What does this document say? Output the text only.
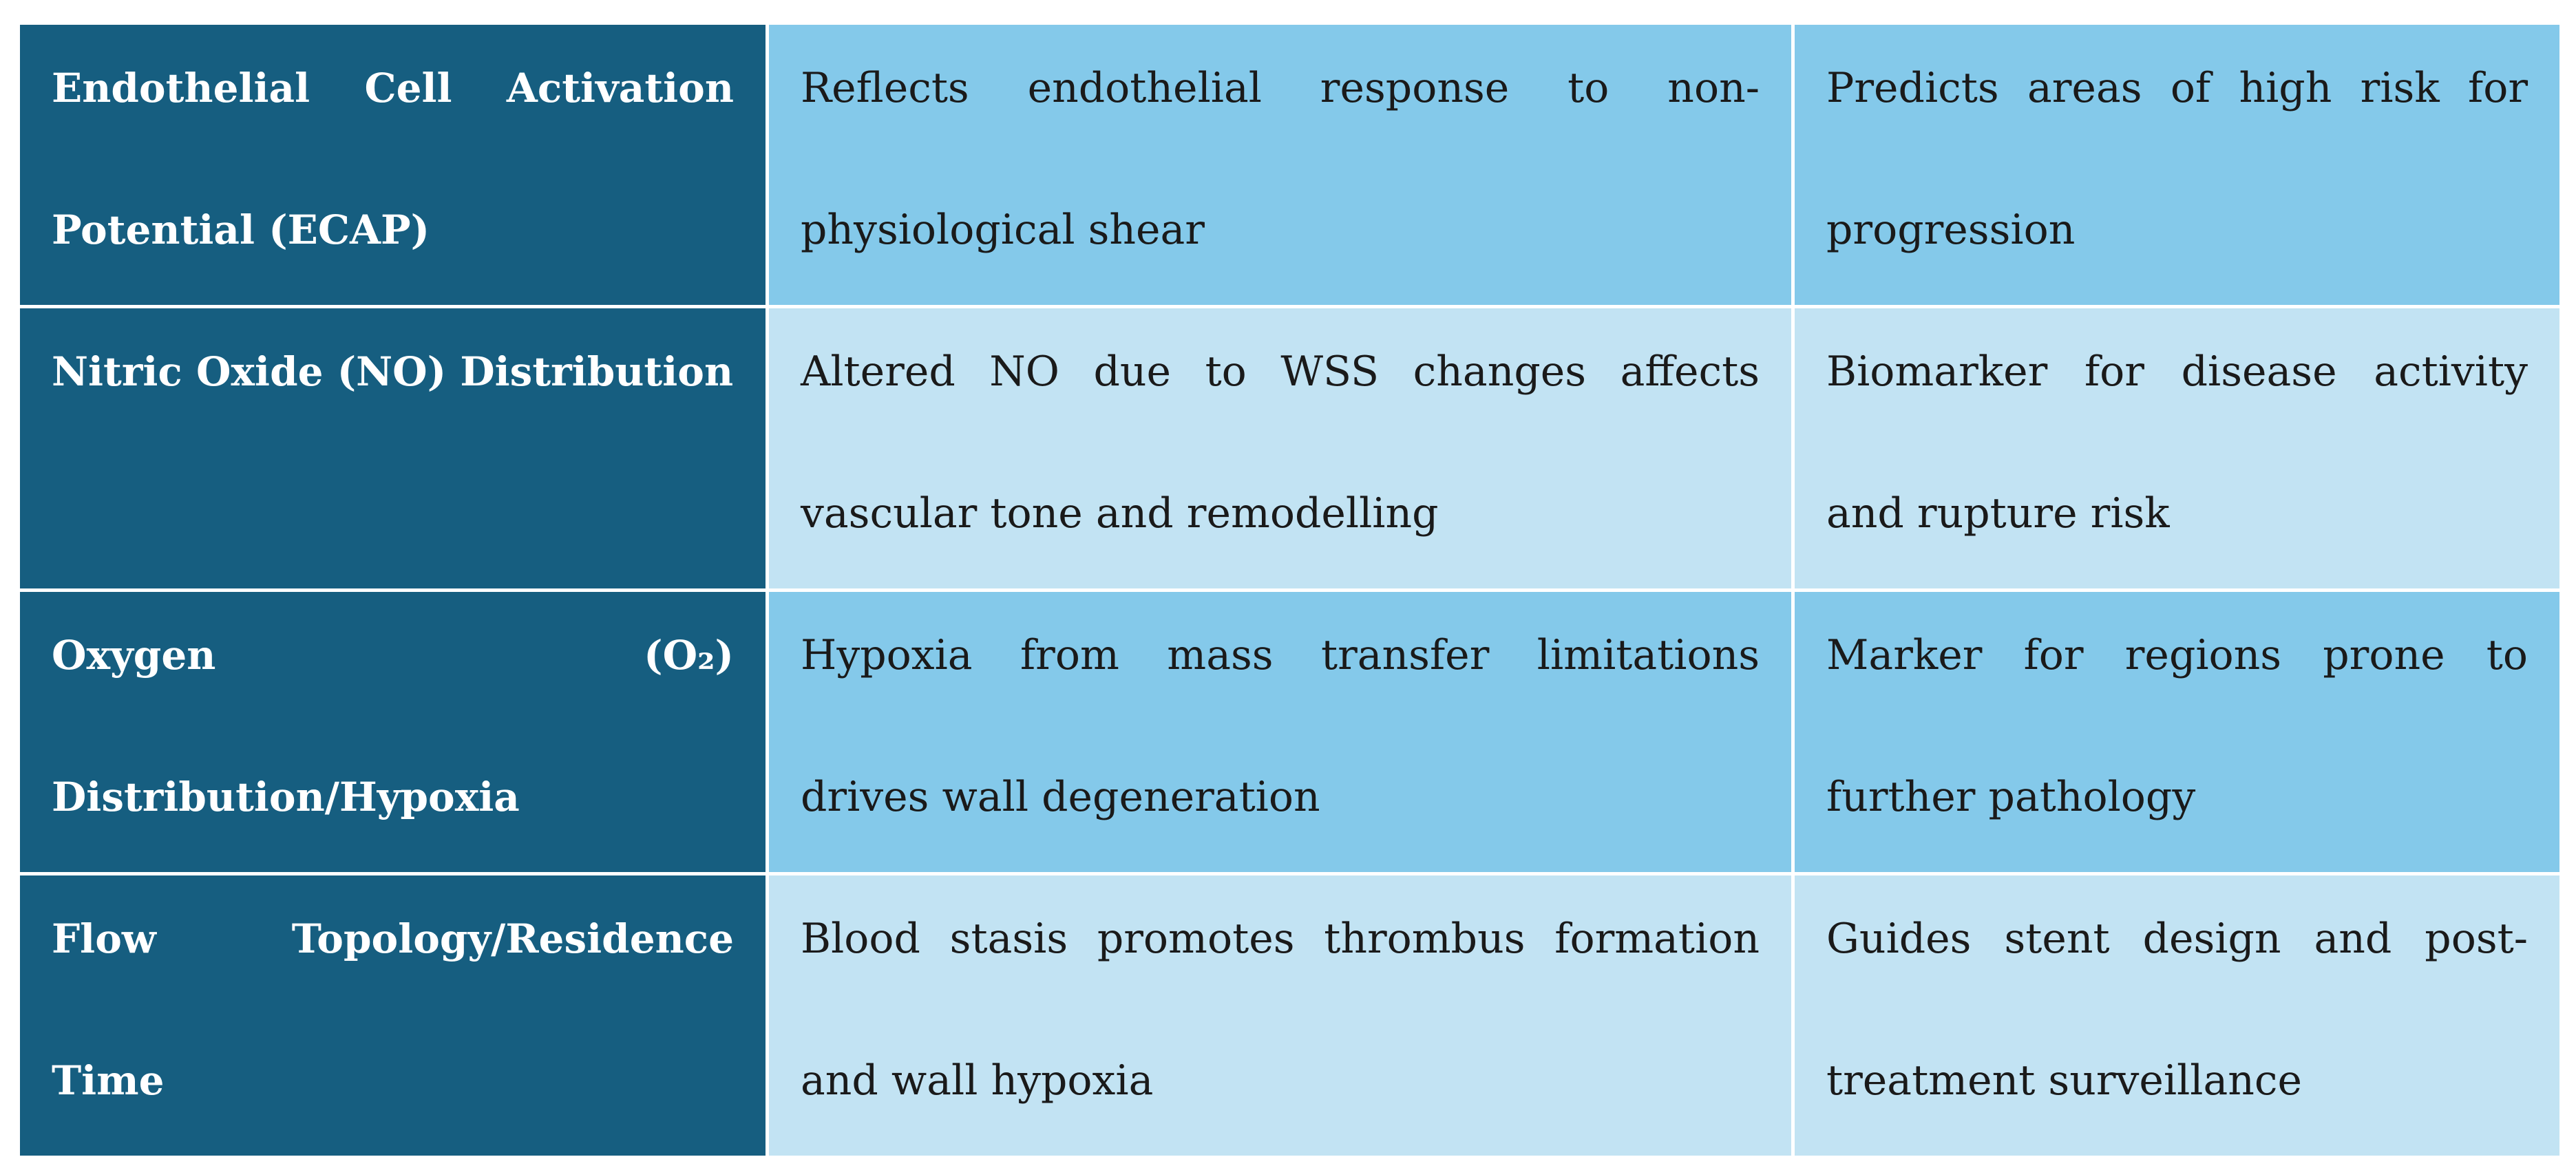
Endothelial Cell Activation Potential (ECAP)	Reflects endothelial response to non-physiological shear	Predicts areas of high risk for progression

Nitric Oxide (NO) Distribution	Altered NO due to WSS changes affects vascular tone and remodelling	Biomarker for disease activity and rupture risk

Oxygen (O₂) Distribution/Hypoxia	Hypoxia from mass transfer limitations drives wall degeneration	Marker for regions prone to further pathology

Flow Topology/Residence Time	Blood stasis promotes thrombus formation and wall hypoxia	Guides stent design and post-treatment surveillance
